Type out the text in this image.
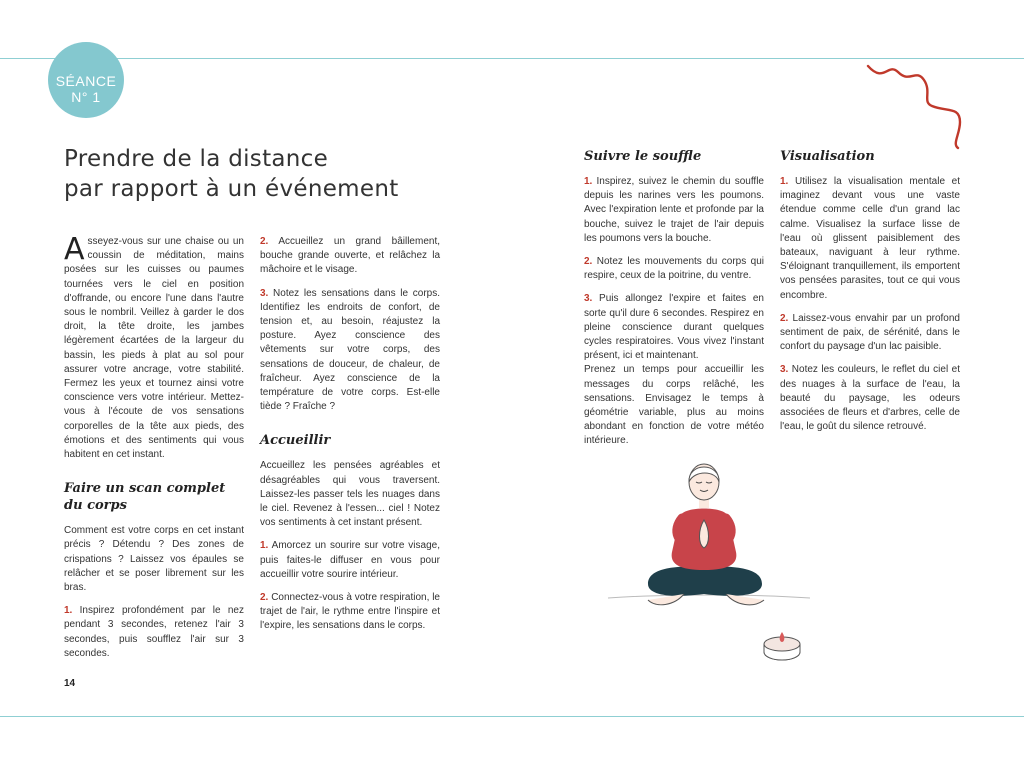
SÉANCE
N° 1
Prendre de la distance
par rapport à un événement

Asseyez-vous sur une chaise ou un coussin de méditation, mains posées sur les cuisses ou paumes tournées vers le ciel en position d'offrande, ou encore l'une dans l'autre sous le nombril. Veillez à garder le dos droit, la tête droite, les jambes légèrement écartées de la largeur du bassin, les pieds à plat au sol pour assurer votre ancrage, votre stabilité. Fermez les yeux et tournez ainsi votre conscience vers votre intérieur. Mettez-vous à l'écoute de vos sensations corporelles de la tête aux pieds, des émotions et des sentiments qui vous habitent en cet instant.

Faire un scan complet
du corps

Comment est votre corps en cet instant précis ? Détendu ? Des zones de crispations ? Laissez vos épaules se relâcher et se poser librement sur les bras.

1. Inspirez profondément par le nez pendant 3 secondes, retenez l'air 3 secondes, puis soufflez l'air sur 3 secondes.

2. Accueillez un grand bâillement, bouche grande ouverte, et relâchez la mâchoire et le visage.

3. Notez les sensations dans le corps. Identifiez les endroits de confort, de tension et, au besoin, réajustez la posture. Ayez conscience des vêtements sur votre corps, des sensations de douceur, de chaleur, de fraîcheur. Ayez conscience de la température de votre corps. Est-elle tiède ? Fraîche ?

Accueillir

Accueillez les pensées agréables et désagréables qui vous traversent. Laissez-les passer tels les nuages dans le ciel. Revenez à l'essen... ciel ! Notez vos sentiments à cet instant présent.

1. Amorcez un sourire sur votre visage, puis faites-le diffuser en vous pour accueillir votre sourire intérieur.

2. Connectez-vous à votre respiration, le trajet de l'air, le rythme entre l'inspire et l'expire, les sensations dans le corps.

Suivre le souffle

1. Inspirez, suivez le chemin du souffle depuis les narines vers les poumons. Avec l'expiration lente et profonde par la bouche, suivez le trajet de l'air depuis les poumons vers la bouche.

2. Notez les mouvements du corps qui respire, ceux de la poitrine, du ventre.

3. Puis allongez l'expire et faites en sorte qu'il dure 6 secondes. Respirez en pleine conscience durant quelques cycles respiratoires. Vous vivez l'instant présent, ici et maintenant.

Prenez un temps pour accueillir les messages du corps relâché, les sensations. Envisagez le temps à géométrie variable, plus au moins abondant en fonction de votre météo intérieure.

Visualisation

1. Utilisez la visualisation mentale et imaginez devant vous une vaste étendue comme celle d'un grand lac calme. Visualisez la surface lisse de l'eau où glissent paisiblement des bateaux, naviguant à leur rythme. S'éloignant tranquillement, ils emportent vos pensées parasites, tout ce qui vous encombre.

2. Laissez-vous envahir par un profond sentiment de paix, de sérénité, dans le confort du paysage d'un lac paisible.

3. Notez les couleurs, le reflet du ciel et des nuages à la surface de l'eau, la beauté du paysage, les odeurs associées de fleurs et d'arbres, celle de l'eau, le goût du silence retrouvé.

14
